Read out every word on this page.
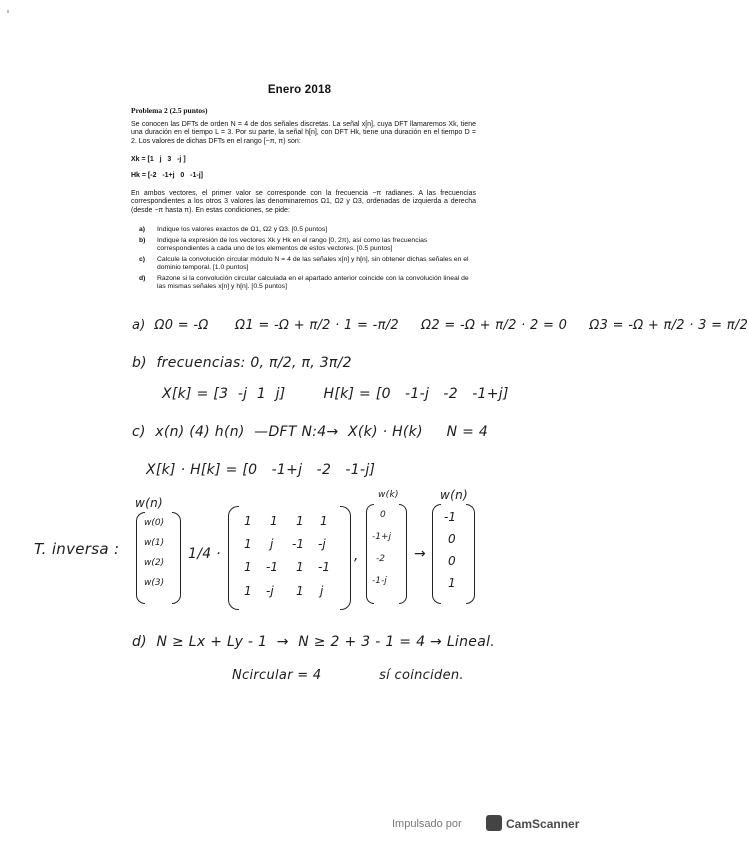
Enero 2018
Problema 2 (2.5 puntos)
Se conocen las DFTs de orden N = 4 de dos señales discretas. La señal x[n], cuya DFT llamaremos Xk, tiene una duración en el tiempo L = 3. Por su parte, la señal h[n], con DFT Hk, tiene una duración en el tiempo D = 2. Los valores de dichas DFTs en el rango [−π, π) son:
Xk = [1   j   3   -j ]
Hk = [-2   -1+j   0   -1-j]
En ambos vectores, el primer valor se corresponde con la frecuencia −π radianes. A las frecuencias correspondientes a los otros 3 valores las denominaremos Ω1, Ω2 y Ω3, ordenadas de izquierda a derecha (desde −π hasta π). En estas condiciones, se pide:
a) Indique los valores exactos de Ω1, Ω2 y Ω3. [0.5 puntos]
b) Indique la expresión de los vectores Xk y Hk en el rango [0, 2π), así como las frecuencias correspondientes a cada uno de los elementos de estos vectores. [0.5 puntos]
c) Calcule la convolución circular módulo N = 4 de las señales x[n] y h[n], sin obtener dichas señales en el dominio temporal. [1.0 puntos]
d) Razone si la convolución circular calculada en el apartado anterior coincide con la convolución lineal de las mismas señales x[n] y h[n]. [0.5 puntos]
a)  Ω0 = -Ω      Ω1 = -Ω + π/2 · 1 = -π/2     Ω2 = -Ω + π/2 · 2 = 0     Ω3 = -Ω + π/2 · 3 = π/2
b)  frecuencias: 0, π/2, π, 3π/2
X[k] = [3  -j  1  j]        H[k] = [0   -1-j   -2   -1+j]
c)  x(n) (4) h(n)  —DFT N:4→  X(k) · H(k)     N = 4
X[k] · H[k] = [0   -1+j   -2   -1-j]
w(n)
w(k)	w(n)
T. inversa :
w(0)
w(1)
w(2)
w(3)
1/4 ·
1 1 1 1
1 j -1 -j
1 -1 1 -1
1 -j 1 j
,
0
-1+j
-2
-1-j
→
-1
0
0
1
d)  N ≥ Lx + Ly - 1  →  N ≥ 2 + 3 - 1 = 4 → Lineal.
Ncircular = 4             sí coinciden.
Impulsado por	CamScanner
